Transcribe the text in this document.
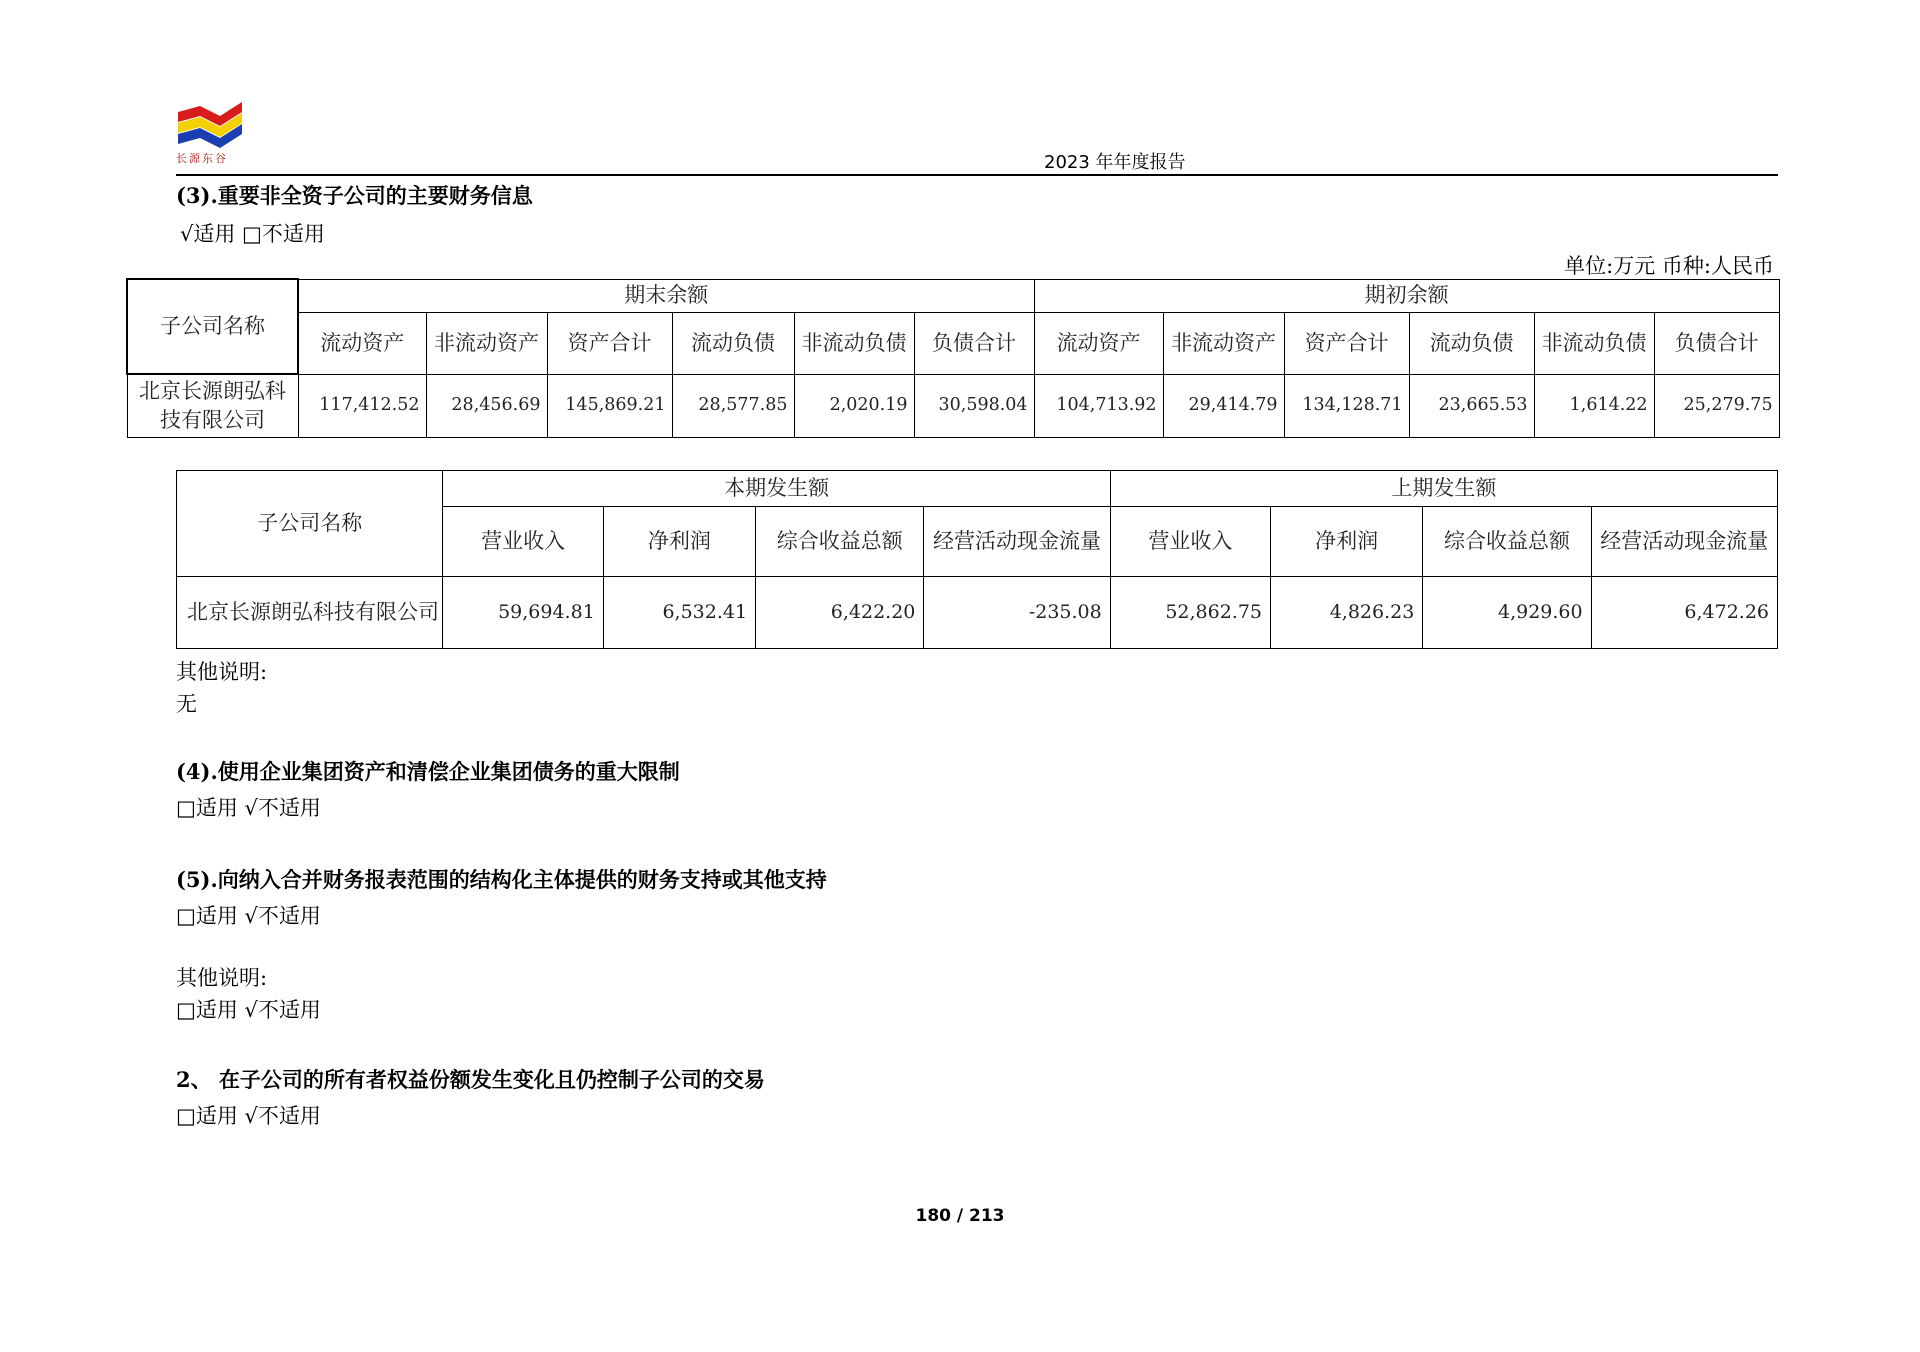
长源东谷	2023 年年度报告
(3).重要非全资子公司的主要财务信息
√适用 □不适用
单位:万元 币种:人民币
子公司名称	期末余额						期初余额					
	流动资产	非流动资产	资产合计	流动负债	非流动负债	负债合计	流动资产	非流动资产	资产合计	流动负债	非流动负债	负债合计
北京长源朗弘科技有限公司	117,412.52	28,456.69	145,869.21	28,577.85	2,020.19	30,598.04	104,713.92	29,414.79	134,128.71	23,665.53	1,614.22	25,279.75
子公司名称	本期发生额				上期发生额			
	营业收入	净利润	综合收益总额	经营活动现金流量	营业收入	净利润	综合收益总额	经营活动现金流量
北京长源朗弘科技有限公司	59,694.81	6,532.41	6,422.20	-235.08	52,862.75	4,826.23	4,929.60	6,472.26
其他说明:
无
(4).使用企业集团资产和清偿企业集团债务的重大限制
□适用 √不适用
(5).向纳入合并财务报表范围的结构化主体提供的财务支持或其他支持
□适用 √不适用
其他说明:
□适用 √不适用
2、 在子公司的所有者权益份额发生变化且仍控制子公司的交易
□适用 √不适用
180 / 213
